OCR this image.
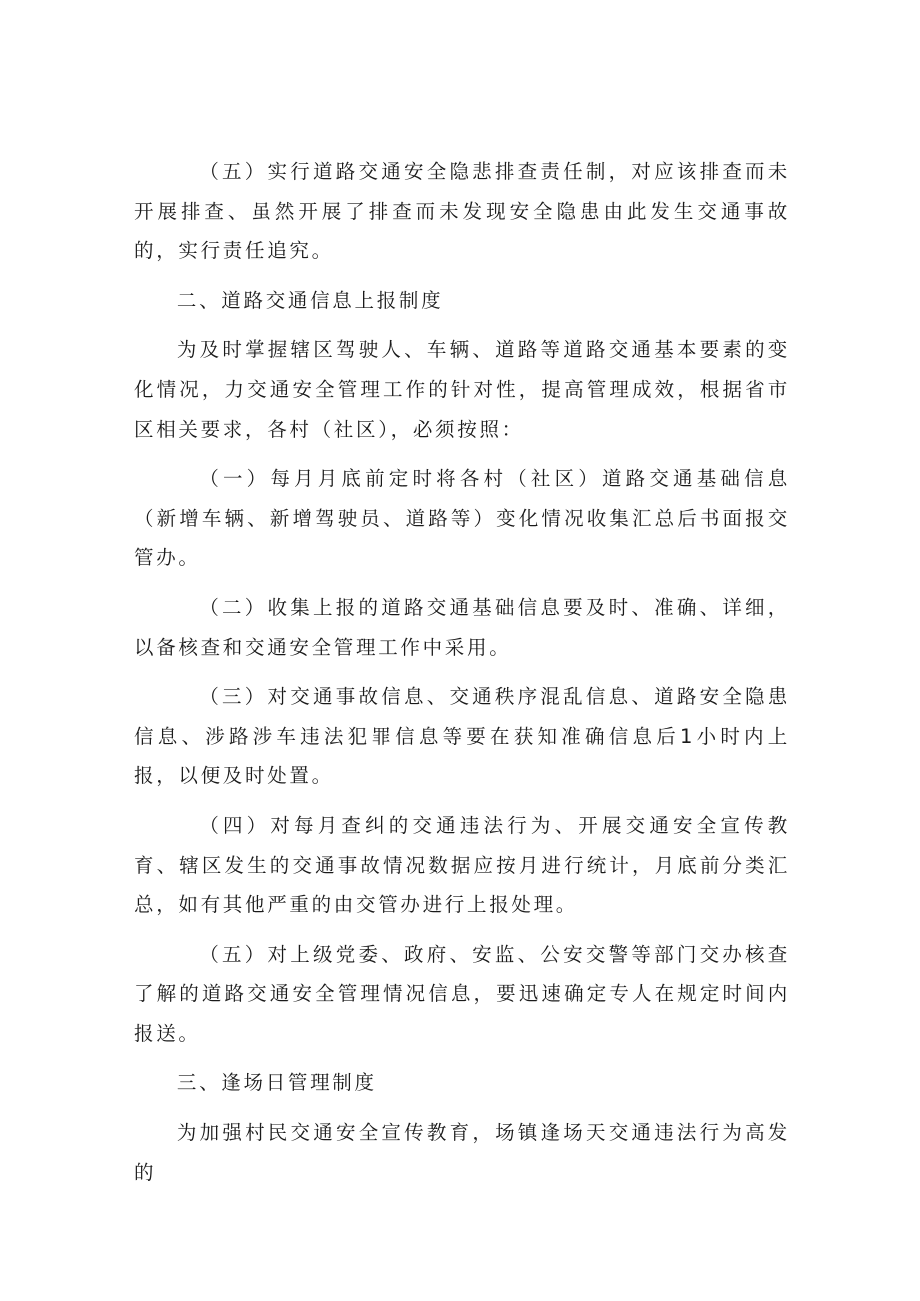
（五）实行道路交通安全隐悲排查责任制，对应该排查而未开展排查、虽然开展了排查而未发现安全隐患由此发生交通事故的，实行责任追究。

二、道路交通信息上报制度

为及时掌握辖区驾驶人、车辆、道路等道路交通基本要素的变化情况，力交通安全管理工作的针对性，提高管理成效，根据省市区相关要求，各村（社区），必须按照：

（一）每月月底前定时将各村（社区）道路交通基础信息（新增车辆、新增驾驶员、道路等）变化情况收集汇总后书面报交管办。

（二）收集上报的道路交通基础信息要及时、准确、详细，以备核查和交通安全管理工作中采用。

（三）对交通事故信息、交通秩序混乱信息、道路安全隐患信息、涉路涉车违法犯罪信息等要在获知准确信息后1小时内上报，以便及时处置。

（四）对每月查纠的交通违法行为、开展交通安全宣传教育、辖区发生的交通事故情况数据应按月进行统计，月底前分类汇总，如有其他严重的由交管办进行上报处理。

（五）对上级党委、政府、安监、公安交警等部门交办核查了解的道路交通安全管理情况信息，要迅速确定专人在规定时间内报送。

三、逢场日管理制度

为加强村民交通安全宣传教育，场镇逢场天交通违法行为高发的
